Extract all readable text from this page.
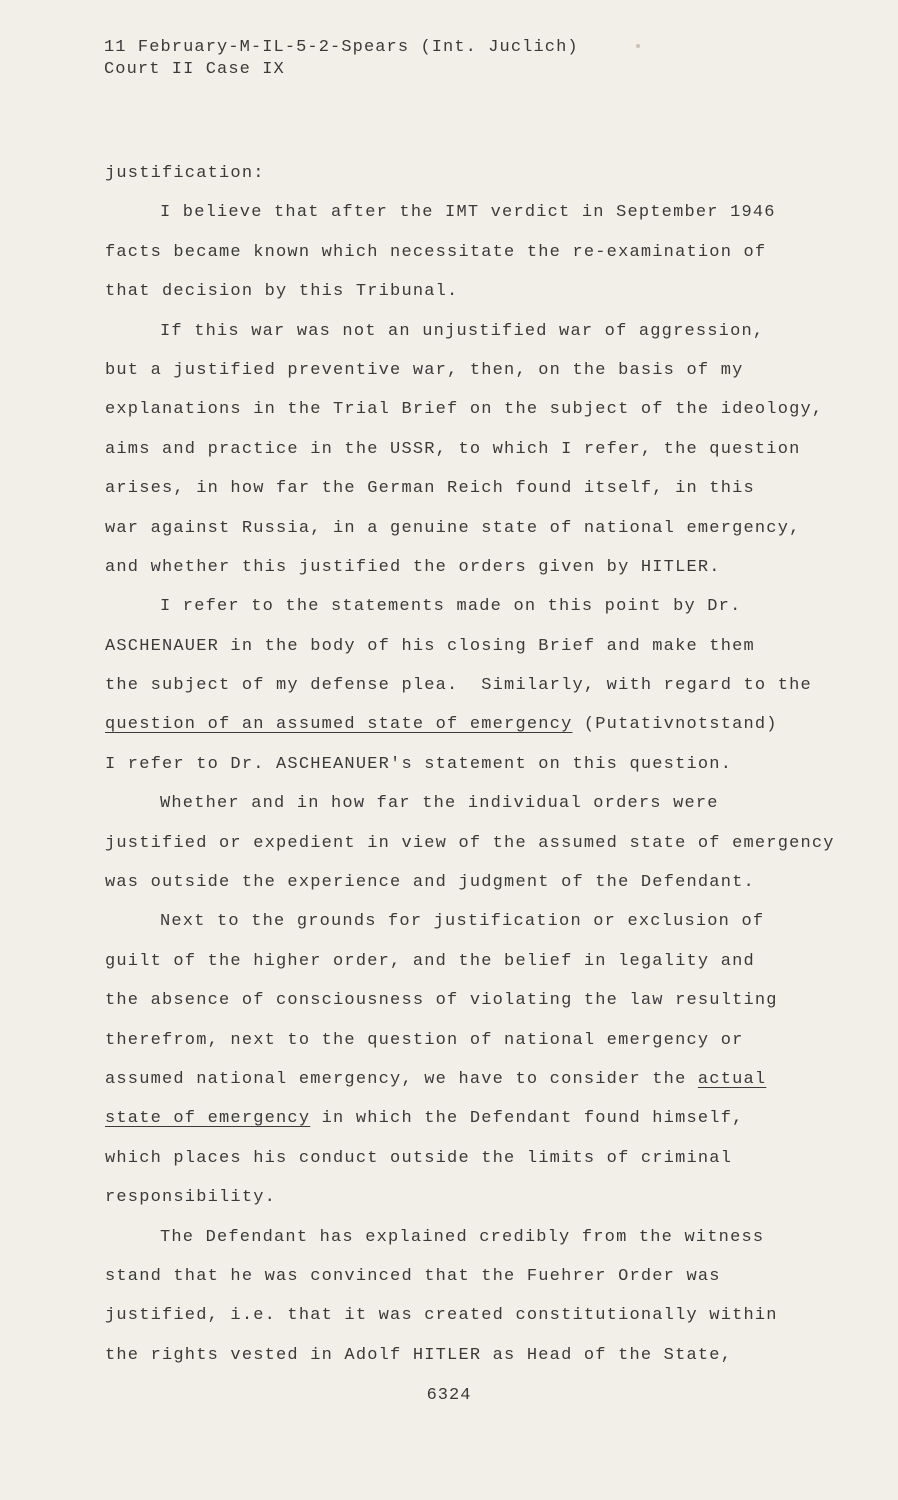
11 February-M-IL-5-2-Spears (Int. Juclich)
Court II Case IX
justification:
I believe that after the IMT verdict in September 1946
facts became known which necessitate the re-examination of
that decision by this Tribunal.
If this war was not an unjustified war of aggression,
but a justified preventive war, then, on the basis of my
explanations in the Trial Brief on the subject of the ideology,
aims and practice in the USSR, to which I refer, the question
arises, in how far the German Reich found itself, in this
war against Russia, in a genuine state of national emergency,
and whether this justified the orders given by HITLER.
I refer to the statements made on this point by Dr.
ASCHENAUER in the body of his closing Brief and make them
the subject of my defense plea.  Similarly, with regard to the
question of an assumed state of emergency (Putativnotstand)
I refer to Dr. ASCHEANUER's statement on this question.
Whether and in how far the individual orders were
justified or expedient in view of the assumed state of emergency
was outside the experience and judgment of the Defendant.
Next to the grounds for justification or exclusion of
guilt of the higher order, and the belief in legality and
the absence of consciousness of violating the law resulting
therefrom, next to the question of national emergency or
assumed national emergency, we have to consider the actual
state of emergency in which the Defendant found himself,
which places his conduct outside the limits of criminal
responsibility.
The Defendant has explained credibly from the witness
stand that he was convinced that the Fuehrer Order was
justified, i.e. that it was created constitutionally within
the rights vested in Adolf HITLER as Head of the State,
6324
